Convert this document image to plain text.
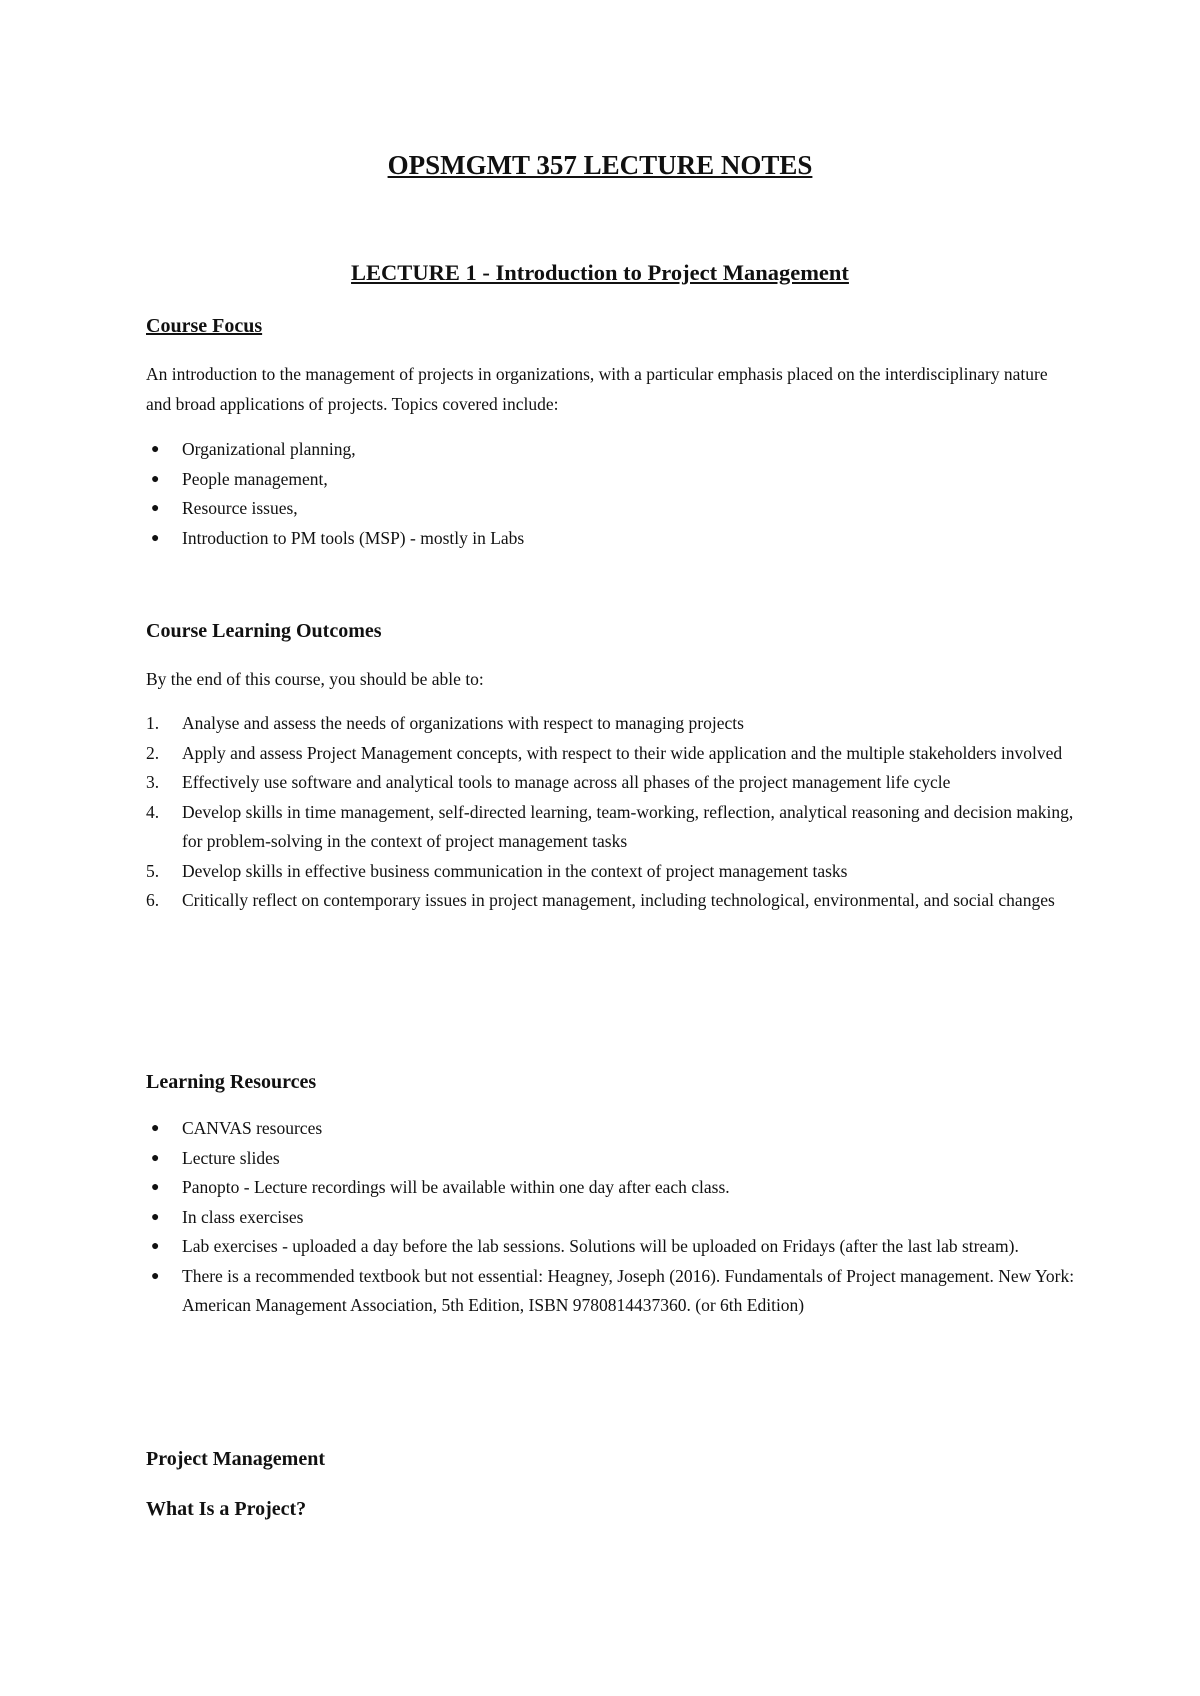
OPSMGMT 357 LECTURE NOTES
LECTURE 1 - Introduction to Project Management
Course Focus

An introduction to the management of projects in organizations, with a particular emphasis placed on the interdisciplinary nature and broad applications of projects. Topics covered include:

● Organizational planning,
● People management,
● Resource issues,
● Introduction to PM tools (MSP) - mostly in Labs
Course Learning Outcomes

By the end of this course, you should be able to:

1. Analyse and assess the needs of organizations with respect to managing projects
2. Apply and assess Project Management concepts, with respect to their wide application and the multiple stakeholders involved
3. Effectively use software and analytical tools to manage across all phases of the project management life cycle
4. Develop skills in time management, self-directed learning, team-working, reflection, analytical reasoning and decision making, for problem-solving in the context of project management tasks
5. Develop skills in effective business communication in the context of project management tasks
6. Critically reflect on contemporary issues in project management, including technological, environmental, and social changes
Learning Resources
● CANVAS resources
● Lecture slides
● Panopto - Lecture recordings will be available within one day after each class.
● In class exercises
● Lab exercises - uploaded a day before the lab sessions. Solutions will be uploaded on Fridays (after the last lab stream).
● There is a recommended textbook but not essential: Heagney, Joseph (2016). Fundamentals of Project management. New York: American Management Association, 5th Edition, ISBN 9780814437360. (or 6th Edition)
Project Management
What Is a Project?
